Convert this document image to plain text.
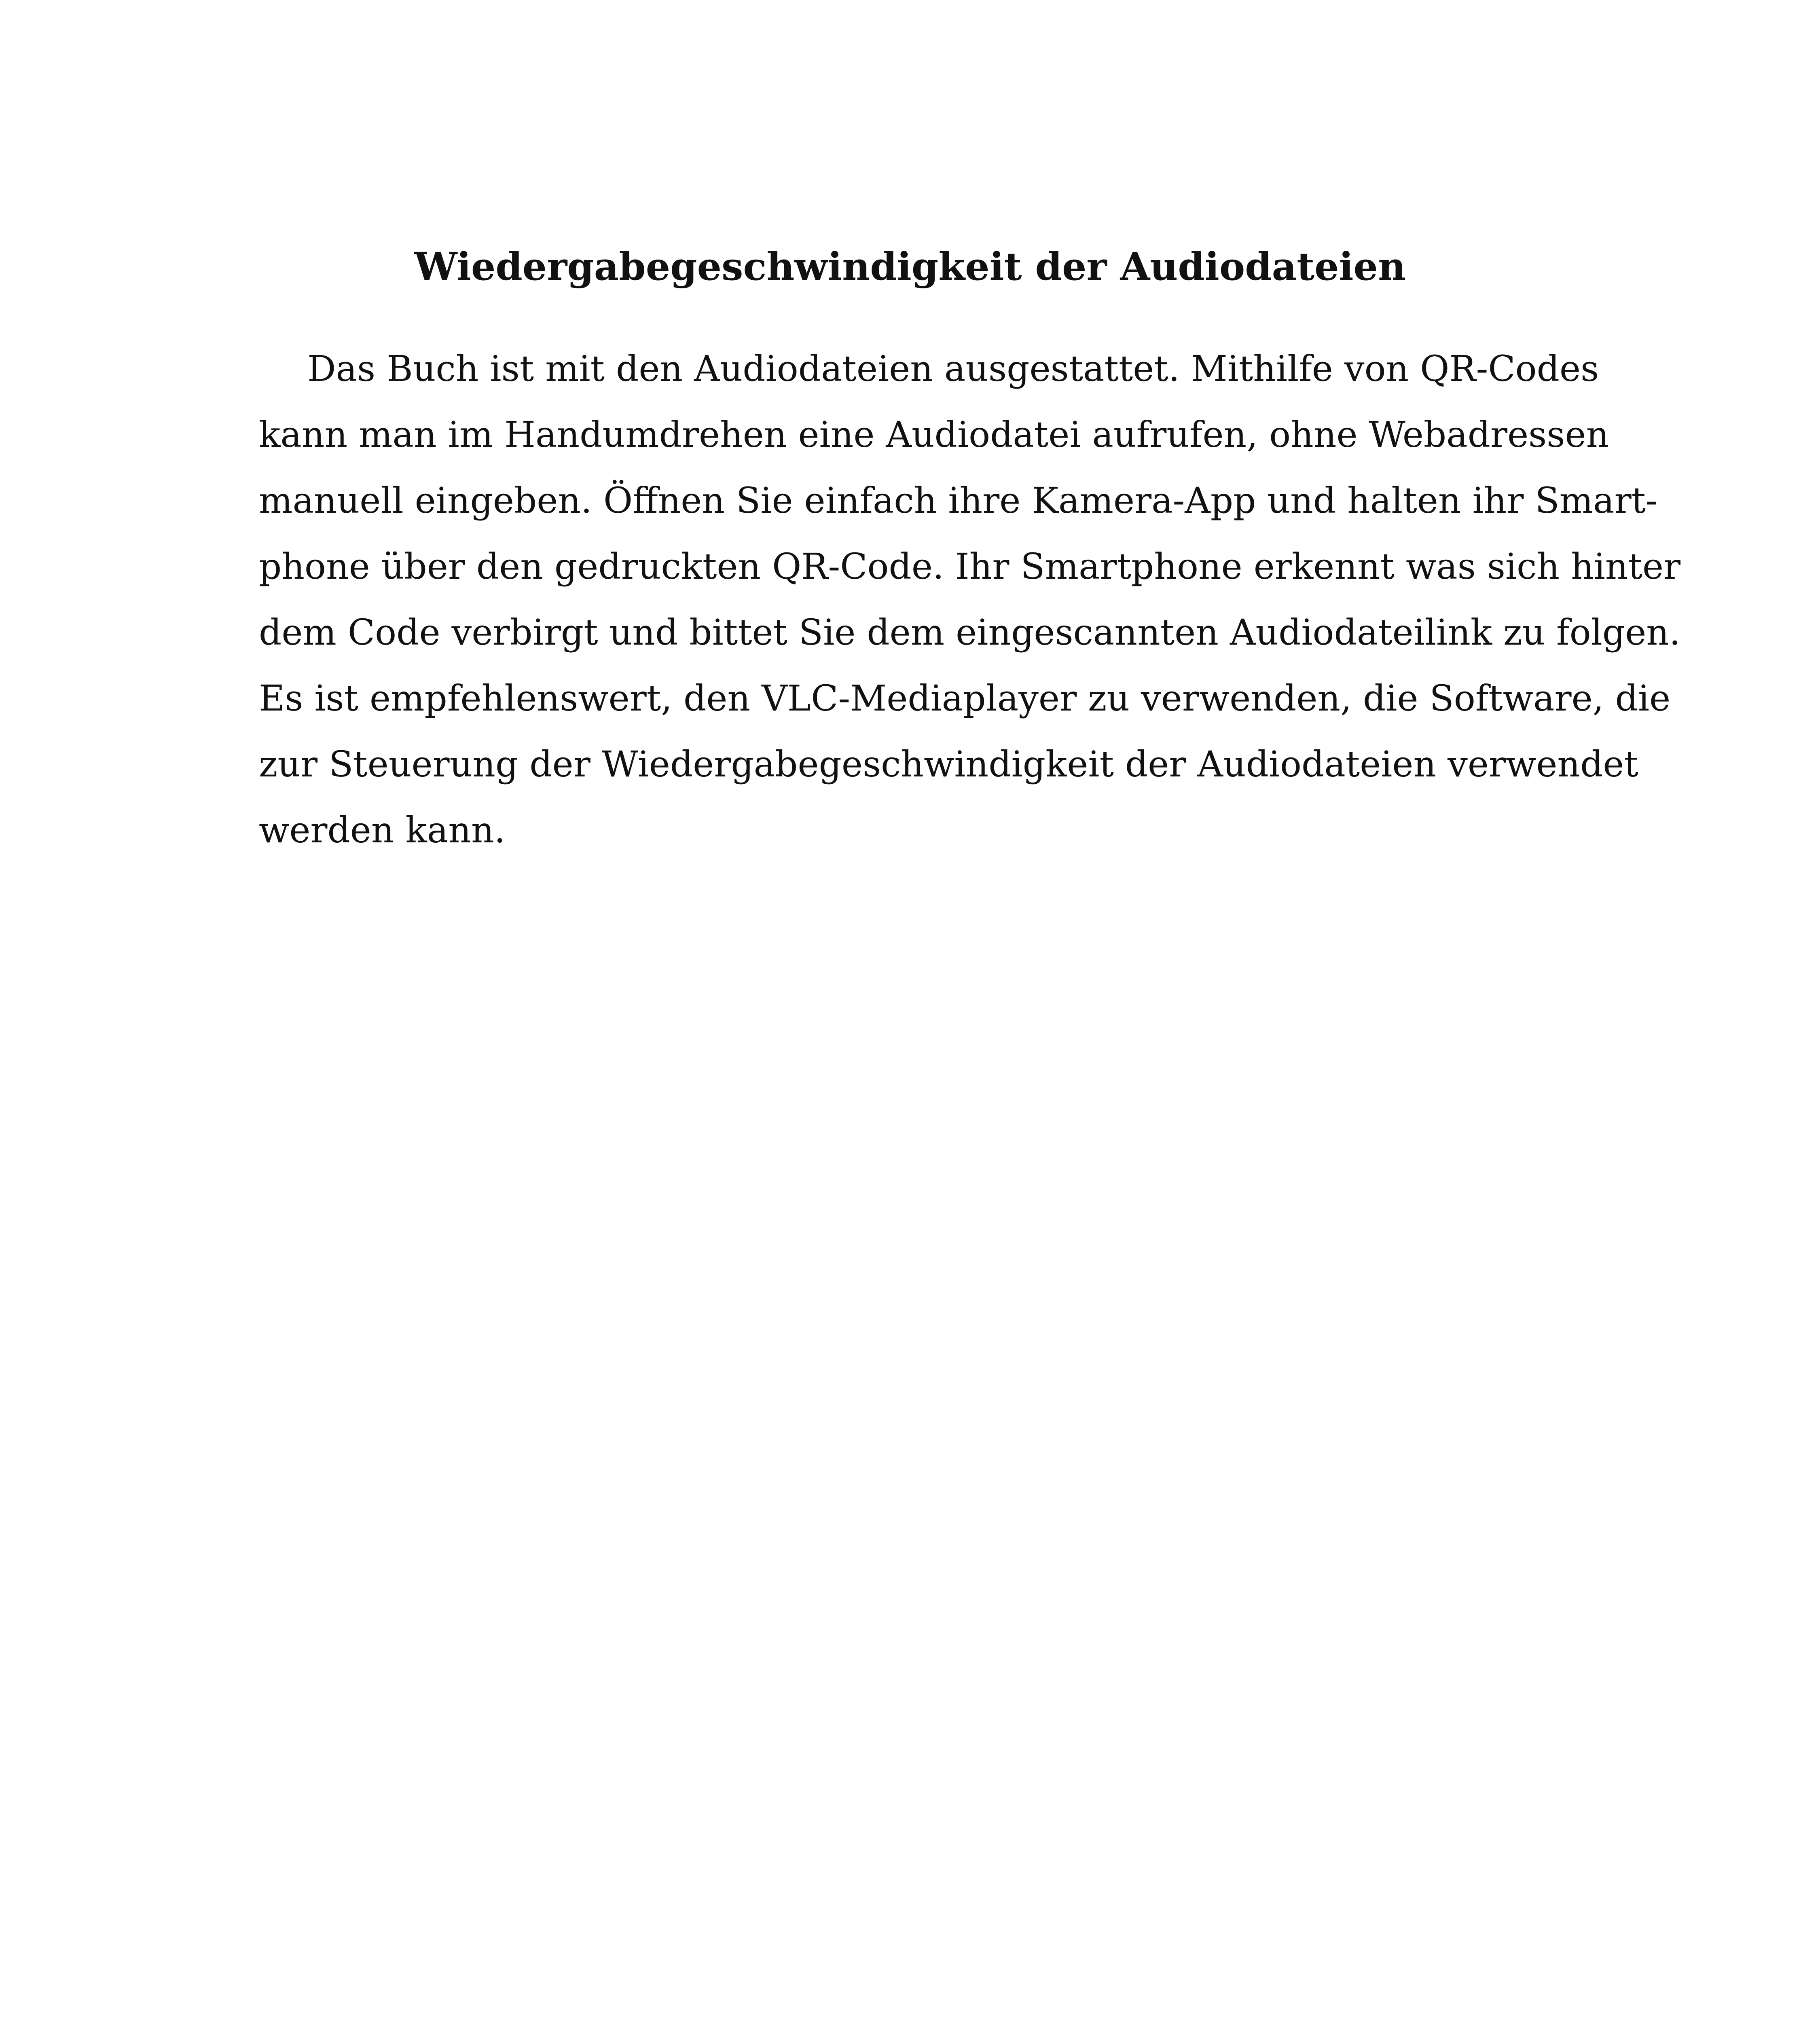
Wiedergabegeschwindigkeit der Audiodateien
Das Buch ist mit den Audiodateien ausgestattet. Mithilfe von QR-Codes
kann man im Handumdrehen eine Audiodatei aufrufen, ohne Webadressen
manuell eingeben. Öffnen Sie einfach ihre Kamera-App und halten ihr Smart-
phone über den gedruckten QR-Code. Ihr Smartphone erkennt was sich hinter
dem Code verbirgt und bittet Sie dem eingescannten Audiodateilink zu folgen.
Es ist empfehlenswert, den VLC-Mediaplayer zu verwenden, die Software, die
zur Steuerung der Wiedergabegeschwindigkeit der Audiodateien verwendet
werden kann.
